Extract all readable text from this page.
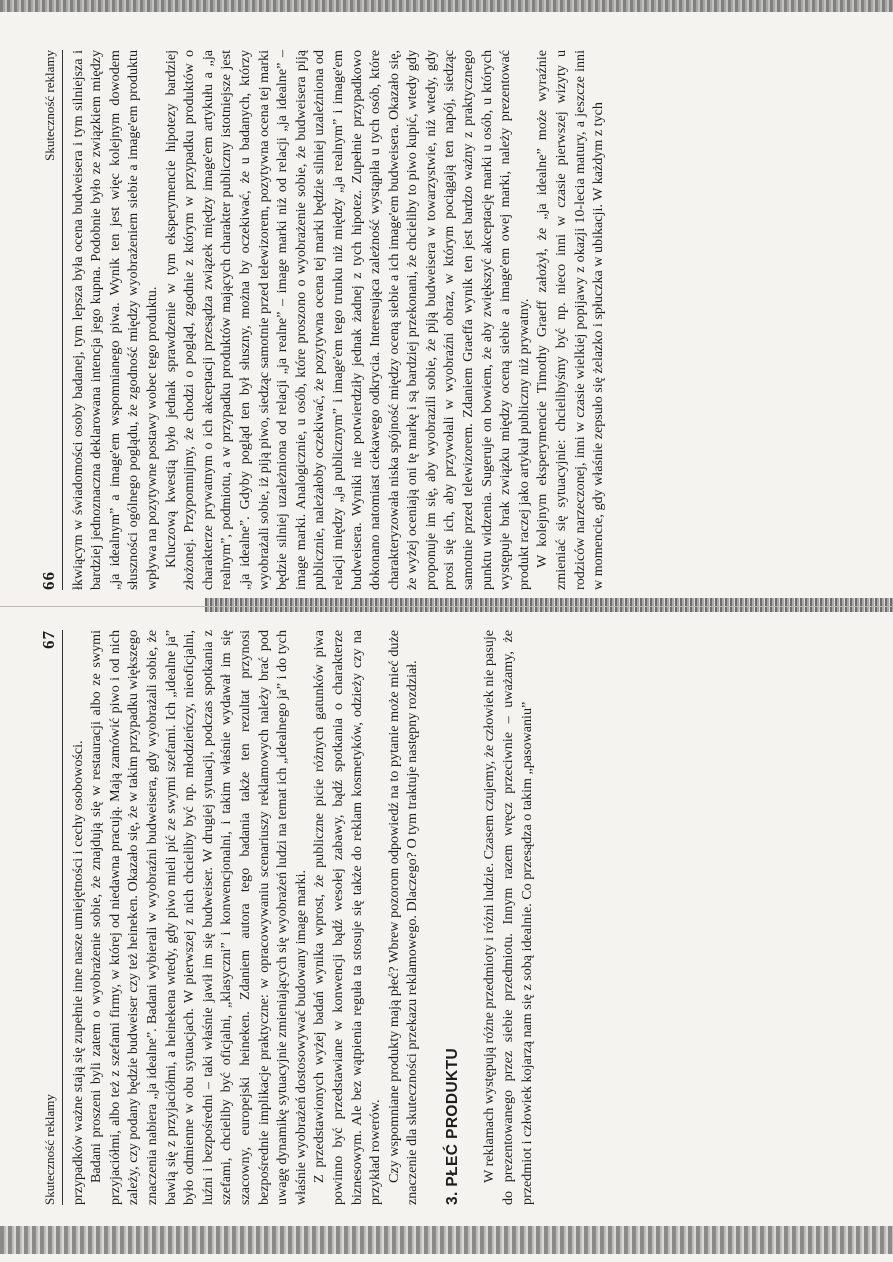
66
Skuteczność reklamy łkwiącym w świadomości osoby badanej, tym lepsza była ocena budweisera i tym silniejsza i bardziej jednoznaczna deklarowana intencja jego kupna. Podobnie było ze związkiem między „ja idealnym” a image'em wspomnianego piwa. Wynik ten jest więc kolejnym dowodem słuszności ogólnego poglądu, że zgodność między wyobrażeniem siebie a image'em produktu wpływa na pozytywne postawy wobec tego produktu. Kluczową kwestią było jednak sprawdzenie w tym eksperymencie hipotezy bardziej złożonej. Przypomnijmy, że chodzi o pogląd, zgodnie z którym w przypadku produktów o charakterze prywatnym o ich akceptacji przesądza związek między image'em artykułu a „ja realnym”, podmiotu, a w przypadku produktów mających charakter publiczny istotniejsze jest „ja idealne”. Gdyby pogląd ten był słuszny, można by oczekiwać, że u badanych, którzy wyobrażali sobie, iż piją piwo, siedząc samotnie przed telewizorem, pozytywna ocena tej marki będzie silniej uzależniona od relacji „ja realne” – image marki niż od relacji „ja idealne” – image marki. Analogicznie, u osób, które proszono o wyobrażenie sobie, że budweisera piją publicznie, należałoby oczekiwać, że pozytywna ocena tej marki będzie silniej uzależniona od relacji między „ja publicznym” i image'em tego trunku niż między „ja realnym” i image'em budweisera. Wyniki nie potwierdziły jednak żadnej z tych hipotez. Zupełnie przypadkowo dokonano natomiast ciekawego odkrycia. Interesująca zależność wystąpiła u tych osób, które charakteryzowała niska spójność między oceną siebie a ich image'em budweisera. Okazało się, że wyżej oceniają oni tę markę i są bardziej przekonani, że chcieliby to piwo kupić, wtedy gdy proponuje im się, aby wyobrazili sobie, że piją budweisera w towarzystwie, niż wtedy, gdy prosi się ich, aby przywołali w wyobraźni obraz, w którym pociągają ten napój, siedząc samotnie przed telewizorem. Zdaniem Graeffa wynik ten jest bardzo ważny z praktycznego punktu widzenia. Sugeruje on bowiem, że aby zwiększyć akceptację marki u osób, u których występuje brak związku między oceną siebie a image'em owej marki, należy prezentować produkt raczej jako artykuł publiczny niż prywatny. W kolejnym eksperymencie Timothy Graeff założył, że „ja idealne” może wyraźnie zmieniać się sytuacyjnie: chcielibyśmy być np. nieco inni w czasie pierwszej wizyty u rodziców narzeczonej, inni w czasie wielkiej popijawy z okazji 10-lecia matury, a jeszcze inni w momencie, gdy właśnie zepsuło się żelazko i spłuczka w ubikacji. W każdym z tych

Skuteczność reklamy
67

przypadków ważne stają się zupełnie inne nasze umiejętności i cechy osobowości. Badani proszeni byli zatem o wyobrażenie sobie, że znajdują się w restauracji albo ze swymi przyjaciółmi, albo też z szefami firmy, w której od niedawna pracują. Mają zamówić piwo i od nich zależy, czy podany będzie budweiser czy też heineken. Okazało się, że w takim przypadku większego znaczenia nabiera „ja idealne”. Badani wybierali w wyobraźni budweisera, gdy wyobrażali sobie, że bawią się z przyjaciółmi, a heinekena wtedy, gdy piwo mieli pić ze swymi szefami. Ich „idealne ja” było odmienne w obu sytuacjach. W pierwszej z nich chcieliby być np. młodzieńczy, nieoficjalni, luźni i bezpośredni – taki właśnie jawił im się budweiser. W drugiej sytuacji, podczas spotkania z szefami, chcieliby być oficjalni, „klasyczni” i konwencjonalni, i takim właśnie wydawał im się szacowny, europejski heineken. Zdaniem autora tego badania także ten rezultat przynosi bezpośrednie implikacje praktyczne: w opracowywaniu scenariuszy reklamowych należy brać pod uwagę dynamikę sytuacyjnie zmieniających się wyobrażeń ludzi na temat ich „idealnego ja” i do tych właśnie wyobrażeń dostosowywać budowany image marki. Z przedstawionych wyżej badań wynika wprost, że publiczne picie różnych gatunków piwa powinno być przedstawiane w konwencji bądź wesołej zabawy, bądź spotkania o charakterze biznesowym. Ale bez wątpienia reguła ta stosuje się także do reklam kosmetyków, odzieży czy na przykład rowerów. Czy wspomniane produkty mają płeć? Wbrew pozorom odpowiedź na to pytanie może mieć duże znaczenie dla skuteczności przekazu reklamowego. Dlaczego? O tym traktuje następny rozdział. 3. PŁEĆ PRODUKTU W reklamach występują różne przedmioty i różni ludzie. Czasem czujemy, że człowiek nie pasuje do prezentowanego przez siebie przedmiotu. Innym razem wręcz przeciwnie – uważamy, że przedmiot i człowiek kojarzą nam się z sobą idealnie. Co przesądza o takim „pasowaniu”
